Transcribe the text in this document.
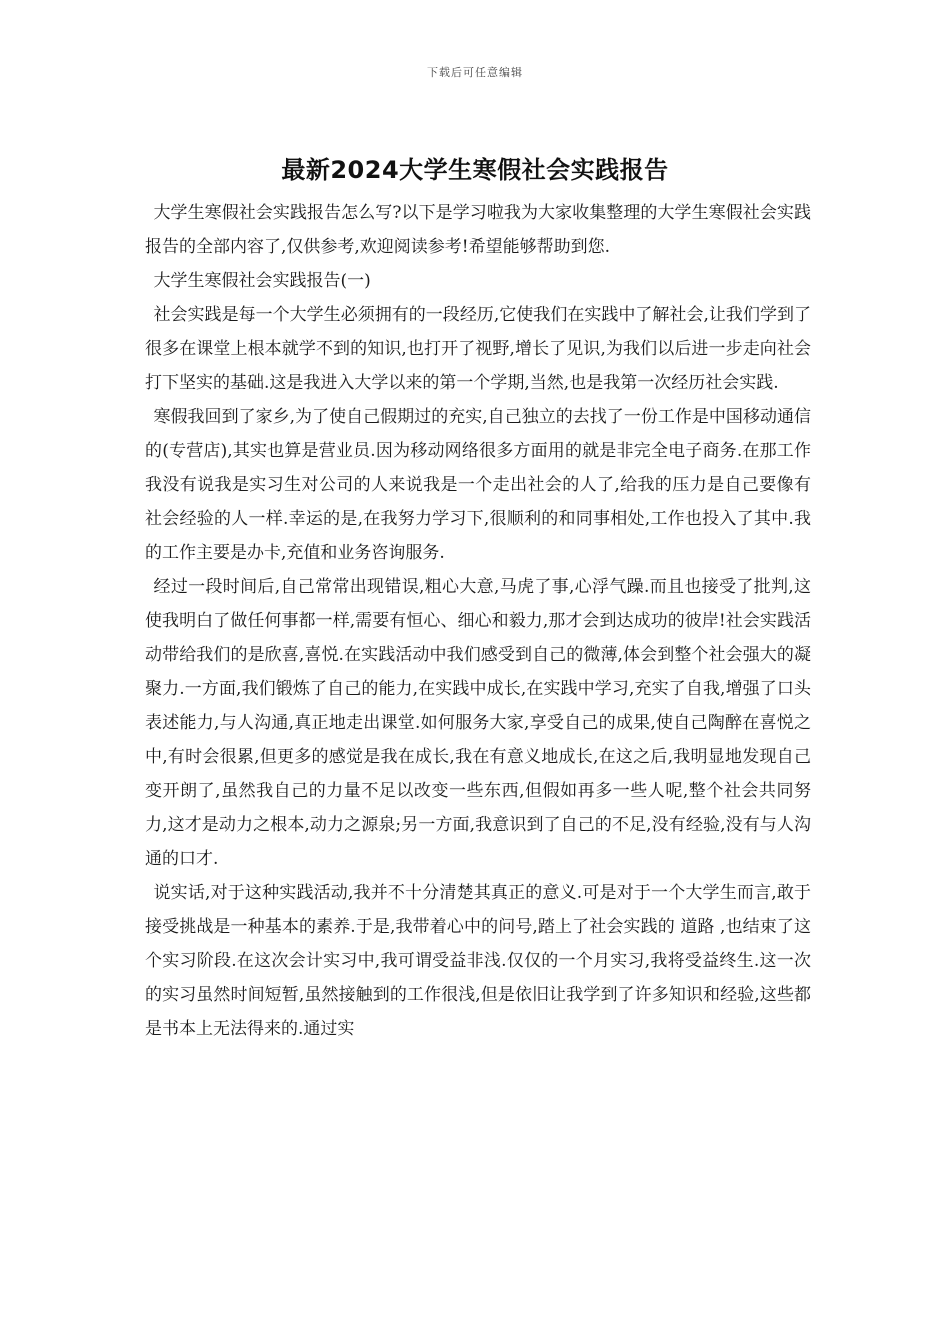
下载后可任意编辑
最新2024大学生寒假社会实践报告

大学生寒假社会实践报告怎么写?以下是学习啦我为大家收集整理的大学生寒假社会实践报告的全部内容了,仅供参考,欢迎阅读参考!希望能够帮助到您.

大学生寒假社会实践报告(一)

社会实践是每一个大学生必须拥有的一段经历,它使我们在实践中了解社会,让我们学到了很多在课堂上根本就学不到的知识,也打开了视野,增长了见识,为我们以后进一步走向社会打下坚实的基础.这是我进入大学以来的第一个学期,当然,也是我第一次经历社会实践.

寒假我回到了家乡,为了使自己假期过的充实,自己独立的去找了一份工作是中国移动通信的(专营店),其实也算是营业员.因为移动网络很多方面用的就是非完全电子商务.在那工作我没有说我是实习生对公司的人来说我是一个走出社会的人了,给我的压力是自己要像有社会经验的人一样.幸运的是,在我努力学习下,很顺利的和同事相处,工作也投入了其中.我的工作主要是办卡,充值和业务咨询服务.

经过一段时间后,自己常常出现错误,粗心大意,马虎了事,心浮气躁.而且也接受了批判,这使我明白了做任何事都一样,需要有恒心、细心和毅力,那才会到达成功的彼岸!社会实践活动带给我们的是欣喜,喜悦.在实践活动中我们感受到自己的微薄,体会到整个社会强大的凝聚力.一方面,我们锻炼了自己的能力,在实践中成长,在实践中学习,充实了自我,增强了口头表述能力,与人沟通,真正地走出课堂.如何服务大家,享受自己的成果,使自己陶醉在喜悦之中,有时会很累,但更多的感觉是我在成长,我在有意义地成长,在这之后,我明显地发现自己变开朗了,虽然我自己的力量不足以改变一些东西,但假如再多一些人呢,整个社会共同努力,这才是动力之根本,动力之源泉;另一方面,我意识到了自己的不足,没有经验,没有与人沟通的口才.

说实话,对于这种实践活动,我并不十分清楚其真正的意义.可是对于一个大学生而言,敢于接受挑战是一种基本的素养.于是,我带着心中的问号,踏上了社会实践的 道路 ,也结束了这个实习阶段.在这次会计实习中,我可谓受益非浅.仅仅的一个月实习,我将受益终生.这一次的实习虽然时间短暂,虽然接触到的工作很浅,但是依旧让我学到了许多知识和经验,这些都是书本上无法得来的.通过实
